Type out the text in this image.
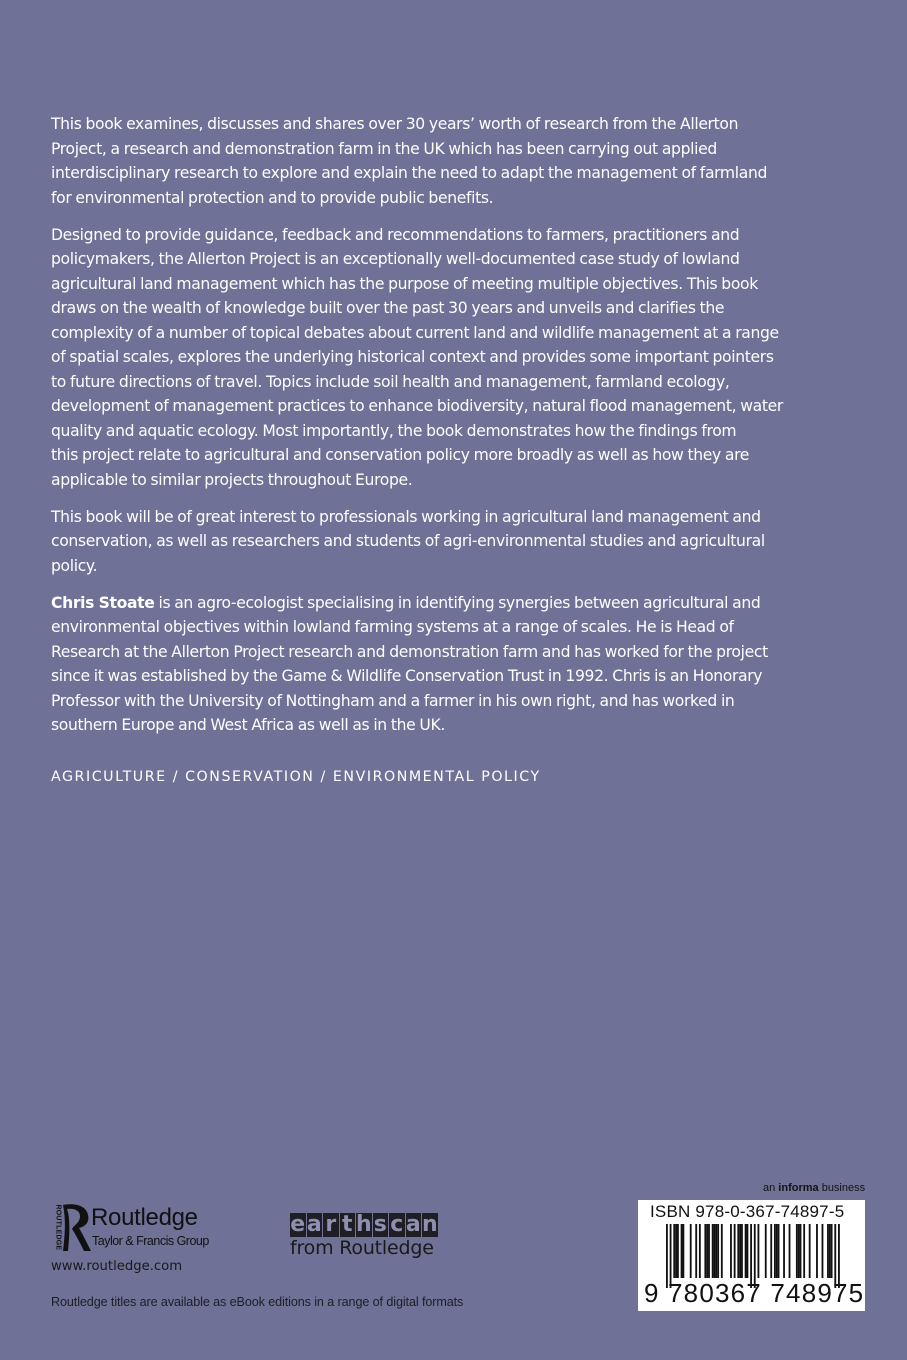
This book examines, discusses and shares over 30 years’ worth of research from the Allerton
Project, a research and demonstration farm in the UK which has been carrying out applied
interdisciplinary research to explore and explain the need to adapt the management of farmland
for environmental protection and to provide public benefits.

Designed to provide guidance, feedback and recommendations to farmers, practitioners and
policymakers, the Allerton Project is an exceptionally well-documented case study of lowland
agricultural land management which has the purpose of meeting multiple objectives. This book
draws on the wealth of knowledge built over the past 30 years and unveils and clarifies the
complexity of a number of topical debates about current land and wildlife management at a range
of spatial scales, explores the underlying historical context and provides some important pointers
to future directions of travel. Topics include soil health and management, farmland ecology,
development of management practices to enhance biodiversity, natural flood management, water
quality and aquatic ecology. Most importantly, the book demonstrates how the findings from
this project relate to agricultural and conservation policy more broadly as well as how they are
applicable to similar projects throughout Europe.

This book will be of great interest to professionals working in agricultural land management and
conservation, as well as researchers and students of agri-environmental studies and agricultural
policy.

Chris Stoate is an agro-ecologist specialising in identifying synergies between agricultural and
environmental objectives within lowland farming systems at a range of scales. He is Head of
Research at the Allerton Project research and demonstration farm and has worked for the project
since it was established by the Game & Wildlife Conservation Trust in 1992. Chris is an Honorary
Professor with the University of Nottingham and a farmer in his own right, and has worked in
southern Europe and West Africa as well as in the UK.

AGRICULTURE / CONSERVATION / ENVIRONMENTAL POLICY
ROUTLEDGE Routledge
Taylor & Francis Group
www.routledge.com
e a r t h s c a n
from Routledge
Routledge titles are available as eBook editions in a range of digital formats
an informa business
ISBN 978-0-367-74897-5
9 780367 748975
